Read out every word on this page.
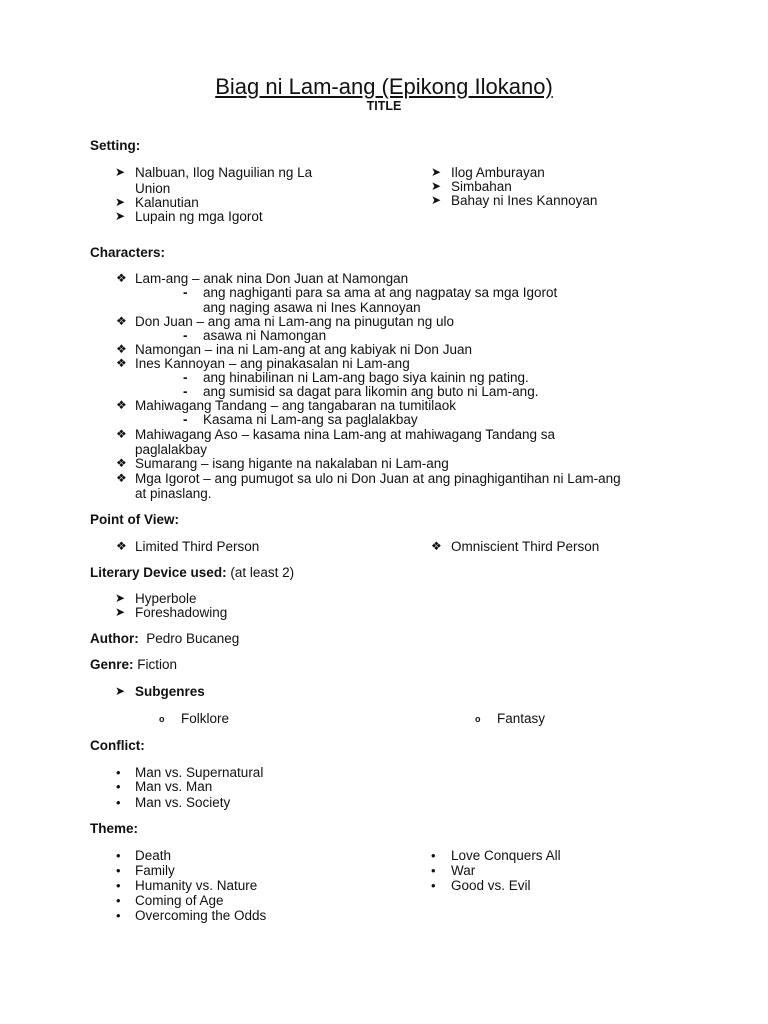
Biag ni Lam-ang (Epikong Ilokano)
TITLE
Setting:
➤ Nalbuan, Ilog Naguilian ng La
Union
➤ Kalanutian
➤ Lupain ng mga Igorot
➤ Ilog Amburayan
➤ Simbahan
➤ Bahay ni Ines Kannoyan
Characters:
❖ Lam-ang – anak nina Don Juan at Namongan
- ang naghiganti para sa ama at ang nagpatay sa mga Igorot
ang naging asawa ni Ines Kannoyan
❖ Don Juan – ang ama ni Lam-ang na pinugutan ng ulo
- asawa ni Namongan
❖ Namongan – ina ni Lam-ang at ang kabiyak ni Don Juan
❖ Ines Kannoyan – ang pinakasalan ni Lam-ang
- ang hinabilinan ni Lam-ang bago siya kainin ng pating.
- ang sumisid sa dagat para likomin ang buto ni Lam-ang.
❖ Mahiwagang Tandang – ang tangabaran na tumitilaok
- Kasama ni Lam-ang sa paglalakbay
❖ Mahiwagang Aso – kasama nina Lam-ang at mahiwagang Tandang sa
paglalakbay
❖ Sumarang – isang higante na nakalaban ni Lam-ang
❖ Mga Igorot – ang pumugot sa ulo ni Don Juan at ang pinaghigantihan ni Lam-ang
at pinaslang.
Point of View:
❖ Limited Third Person	❖ Omniscient Third Person
Literary Device used: (at least 2)
➤ Hyperbole
➤ Foreshadowing
Author: Pedro Bucaneg
Genre: Fiction
➤ Subgenres
o Folklore	o Fantasy
Conflict:
• Man vs. Supernatural
• Man vs. Man
• Man vs. Society
Theme:
• Death
• Family
• Humanity vs. Nature
• Coming of Age
• Overcoming the Odds
• Love Conquers All
• War
• Good vs. Evil
